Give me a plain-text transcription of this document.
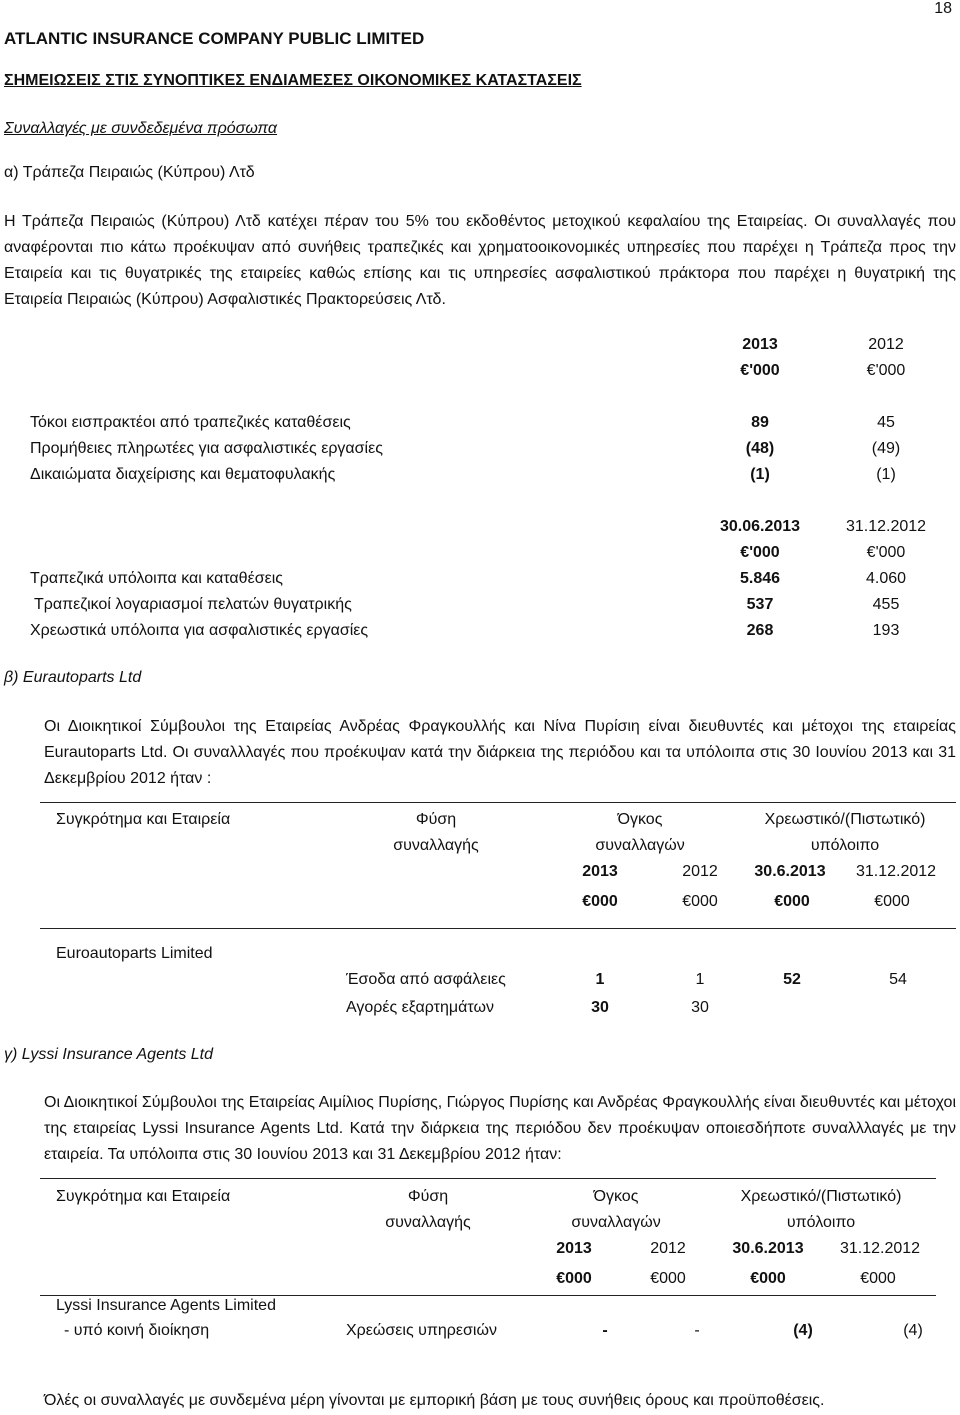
18
ATLANTIC INSURANCE COMPANY PUBLIC LIMITED
ΣΗΜΕΙΩΣΕΙΣ ΣΤΙΣ ΣΥΝΟΠΤΙΚΕΣ ΕΝΔΙΑΜΕΣΕΣ ΟΙΚΟΝΟΜΙΚΕΣ ΚΑΤΑΣΤΑΣΕΙΣ
Συναλλαγές με συνδεδεμένα πρόσωπα
α) Τράπεζα Πειραιώς (Κύπρου) Λτδ
Η Τράπεζα Πειραιώς (Κύπρου) Λτδ κατέχει πέραν του 5% του εκδοθέντος μετοχικού κεφαλαίου της Εταιρείας. Οι συναλλαγές που αναφέρονται πιο κάτω προέκυψαν από συνήθεις τραπεζικές και χρηματοοικονομικές υπηρεσίες που παρέχει η Τράπεζα προς την Εταιρεία και τις θυγατρικές της εταιρείες καθώς επίσης και τις υπηρεσίες ασφαλιστικού πράκτορα που παρέχει η θυγατρική της Εταιρεία Πειραιώς (Κύπρου) Ασφαλιστικές Πρακτορεύσεις Λτδ.
2013	2012
€'000	€'000
Τόκοι εισπρακτέοι από τραπεζικές καταθέσεις	89	45
Προμήθειες πληρωτέες για ασφαλιστικές εργασίες	(48)	(49)
Δικαιώματα διαχείρισης και θεματοφυλακής	(1)	(1)
30.06.2013	31.12.2012
€'000	€'000
Τραπεζικά υπόλοιπα και καταθέσεις	5.846	4.060
Τραπεζικοί λογαριασμοί πελατών θυγατρικής	537	455
Χρεωστικά υπόλοιπα για ασφαλιστικές εργασίες	268	193
β) Eurautoparts Ltd
Οι Διοικητικοί Σύμβουλοι της Εταιρείας Ανδρέας Φραγκουλλής και Νίνα Πυρίσιη είναι διευθυντές και μέτοχοι της εταιρείας Eurautoparts Ltd. Οι συναλλλαγές που προέκυψαν κατά την διάρκεια της περιόδου και τα υπόλοιπα στις 30 Ιουνίου 2013 και 31 Δεκεμβρίου 2012 ήταν :
Συγκρότημα και Εταιρεία	Φύση
συναλλαγής
Όγκος
συναλλαγών
Χρεωστικό/(Πιστωτικό)
υπόλοιπο
2013	2012	30.6.2013	31.12.2012
€000	€000	€000	€000
Euroautoparts Limited
Έσοδα από ασφάλειες	1	1	52	54
Αγορές εξαρτημάτων	30	30
γ) Lyssi Insurance Agents Ltd
Οι Διοικητικοί Σύμβουλοι της Εταιρείας Αιμίλιος Πυρίσης, Γιώργος Πυρίσης και Ανδρέας Φραγκουλλής είναι διευθυντές και μέτοχοι της εταιρείας Lyssi Insurance Agents Ltd. Κατά την διάρκεια της περιόδου δεν προέκυψαν οποιεσδήποτε συναλλλαγές με την εταιρεία. Τα υπόλοιπα στις 30 Ιουνίου 2013 και 31 Δεκεμβρίου 2012 ήταν:
Συγκρότημα και Εταιρεία	Φύση
συναλλαγής
Όγκος
συναλλαγών
Χρεωστικό/(Πιστωτικό)
υπόλοιπο
2013	2012	30.6.2013	31.12.2012
€000	€000	€000	€000
Lyssi Insurance Agents Limited
- υπό κοινή διοίκηση	Χρεώσεις υπηρεσιών	-	-	(4)	(4)
Όλές οι συναλλαγές με συνδεμένα μέρη γίνονται με εμπορική βάση με τους συνήθεις όρους και προϋποθέσεις.
